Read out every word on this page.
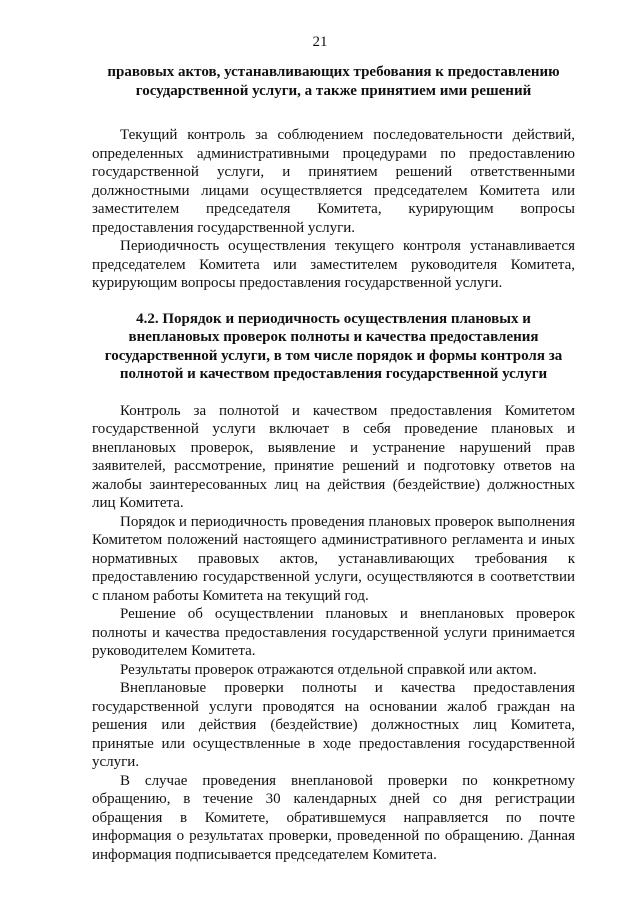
21

правовых актов, устанавливающих требования к предоставлению государственной услуги, а также принятием ими решений

Текущий контроль за соблюдением последовательности действий, определенных административными процедурами по предоставлению государственной услуги, и принятием решений ответственными должностными лицами осуществляется председателем Комитета или заместителем председателя Комитета, курирующим вопросы предоставления государственной услуги.

Периодичность осуществления текущего контроля устанавливается председателем Комитета или заместителем руководителя Комитета, курирующим вопросы предоставления государственной услуги.

4.2. Порядок и периодичность осуществления плановых и внеплановых проверок полноты и качества предоставления государственной услуги, в том числе порядок и формы контроля за полнотой и качеством предоставления государственной услуги

Контроль за полнотой и качеством предоставления Комитетом государственной услуги включает в себя проведение плановых и внеплановых проверок, выявление и устранение нарушений прав заявителей, рассмотрение, принятие решений и подготовку ответов на жалобы заинтересованных лиц на действия (бездействие) должностных лиц Комитета.

Порядок и периодичность проведения плановых проверок выполнения Комитетом положений настоящего административного регламента и иных нормативных правовых актов, устанавливающих требования к предоставлению государственной услуги, осуществляются в соответствии с планом работы Комитета на текущий год.

Решение об осуществлении плановых и внеплановых проверок полноты и качества предоставления государственной услуги принимается руководителем Комитета.

Результаты проверок отражаются отдельной справкой или актом.

Внеплановые проверки полноты и качества предоставления государственной услуги проводятся на основании жалоб граждан на решения или действия (бездействие) должностных лиц Комитета, принятые или осуществленные в ходе предоставления государственной услуги.

В случае проведения внеплановой проверки по конкретному обращению, в течение 30 календарных дней со дня регистрации обращения в Комитете, обратившемуся направляется по почте информация о результатах проверки, проведенной по обращению. Данная информация подписывается председателем Комитета.
